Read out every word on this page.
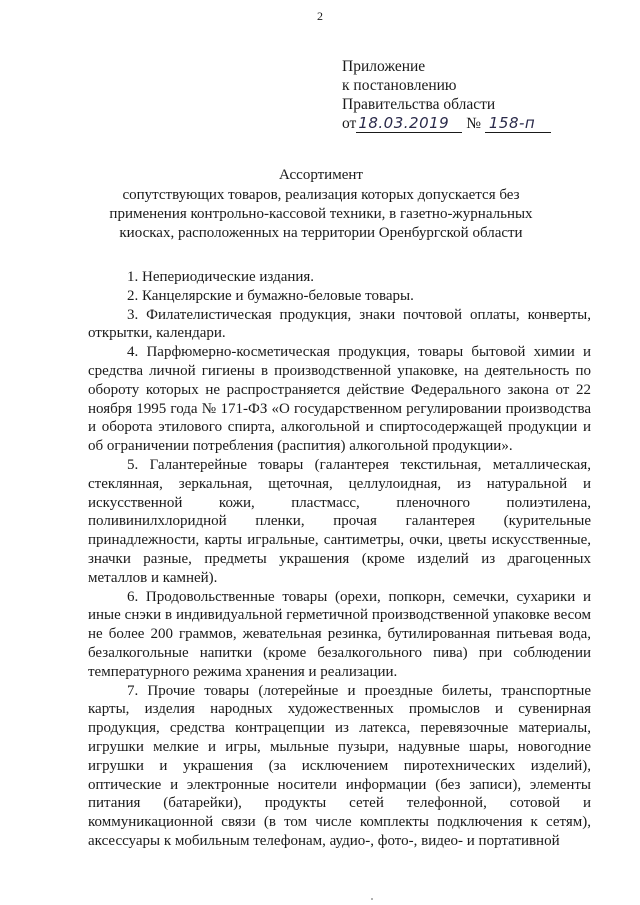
2
Приложение
к постановлению
Правительства области
от 18.03.2019 № 158-п
Ассортимент
сопутствующих товаров, реализация которых допускается без применения контрольно-кассовой техники, в газетно-журнальных киосках, расположенных на территории Оренбургской области

1. Непериодические издания.

2. Канцелярские и бумажно-беловые товары.

3. Филателистическая продукция, знаки почтовой оплаты, конверты, открытки, календари.

4. Парфюмерно-косметическая продукция, товары бытовой химии и средства личной гигиены в производственной упаковке, на деятельность по обороту которых не распространяется действие Федерального закона от 22 ноября 1995 года № 171-ФЗ «О государственном регулировании производства и оборота этилового спирта, алкогольной и спиртосодержащей продукции и об ограничении потребления (распития) алкогольной продукции».

5. Галантерейные товары (галантерея текстильная, металлическая, стеклянная, зеркальная, щеточная, целлулоидная, из натуральной и искусственной кожи, пластмасс, пленочного полиэтилена, поливинилхлоридной пленки, прочая галантерея (курительные принадлежности, карты игральные, сантиметры, очки, цветы искусственные, значки разные, предметы украшения (кроме изделий из драгоценных металлов и камней).

6. Продовольственные товары (орехи, попкорн, семечки, сухарики и иные снэки в индивидуальной герметичной производственной упаковке весом не более 200 граммов, жевательная резинка, бутилированная питьевая вода, безалкогольные напитки (кроме безалкогольного пива) при соблюдении температурного режима хранения и реализации.

7. Прочие товары (лотерейные и проездные билеты, транспортные карты, изделия народных художественных промыслов и сувенирная продукция, средства контрацепции из латекса, перевязочные материалы, игрушки мелкие и игры, мыльные пузыри, надувные шары, новогодние игрушки и украшения (за исключением пиротехнических изделий), оптические и электронные носители информации (без записи), элементы питания (батарейки), продукты сетей телефонной, сотовой и коммуникационной связи (в том числе комплекты подключения к сетям), аксессуары к мобильным телефонам, аудио-, фото-, видео- и портативной
